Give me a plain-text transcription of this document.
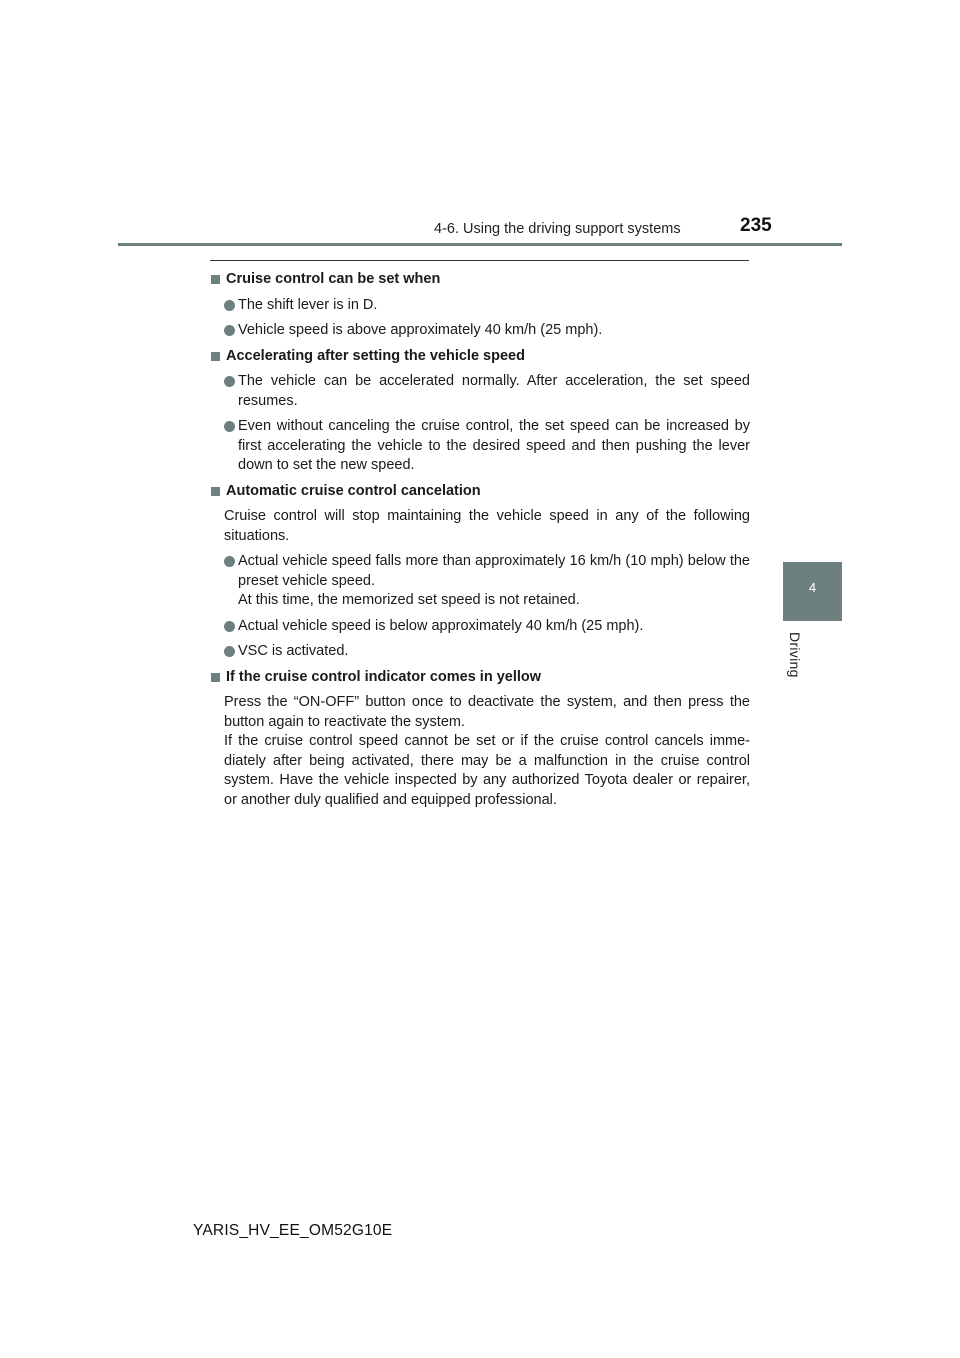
4-6. Using the driving support systems	235
4
Driving
Cruise control can be set when
The shift lever is in D.
Vehicle speed is above approximately 40 km/h (25 mph).
Accelerating after setting the vehicle speed
The vehicle can be accelerated normally. After acceleration, the set speed resumes.
Even without canceling the cruise control, the set speed can be increased by first accelerating the vehicle to the desired speed and then pushing the lever down to set the new speed.
Automatic cruise control cancelation
Cruise control will stop maintaining the vehicle speed in any of the following situations.
Actual vehicle speed falls more than approximately 16 km/h (10 mph) below the preset vehicle speed.
At this time, the memorized set speed is not retained.
Actual vehicle speed is below approximately 40 km/h (25 mph).
VSC is activated.
If the cruise control indicator comes in yellow
Press the “ON-OFF” button once to deactivate the system, and then press the button again to reactivate the system.
If the cruise control speed cannot be set or if the cruise control cancels imme-diately after being activated, there may be a malfunction in the cruise control system. Have the vehicle inspected by any authorized Toyota dealer or repairer, or another duly qualified and equipped professional.
YARIS_HV_EE_OM52G10E
